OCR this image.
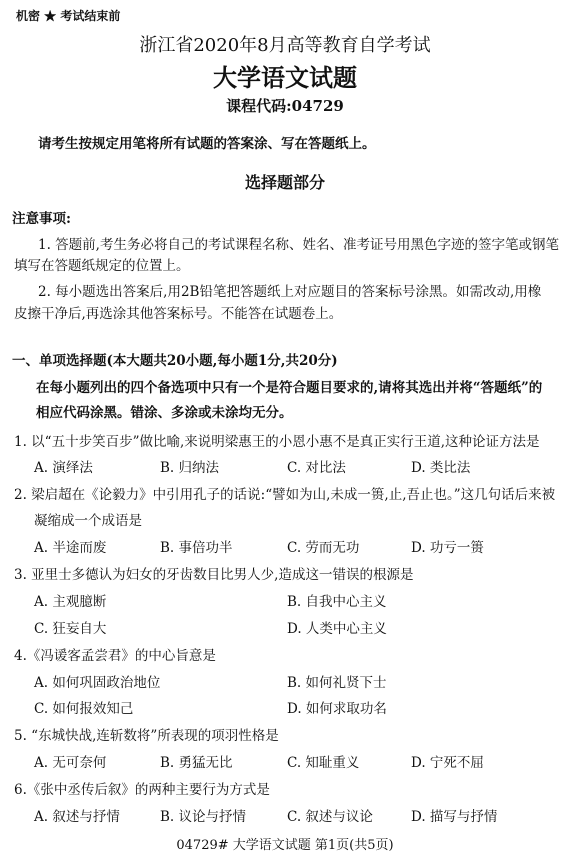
机密 ★ 考试结束前
浙江省2020年8月高等教育自学考试
大学语文试题
课程代码:04729
请考生按规定用笔将所有试题的答案涂、写在答题纸上。
选择题部分
注意事项:
1. 答题前,考生务必将自己的考试课程名称、姓名、准考证号用黑色字迹的签字笔或钢笔
填写在答题纸规定的位置上。
2. 每小题选出答案后,用2B铅笔把答题纸上对应题目的答案标号涂黑。如需改动,用橡
皮擦干净后,再选涂其他答案标号。不能答在试题卷上。
一、单项选择题(本大题共20小题,每小题1分,共20分)
在每小题列出的四个备选项中只有一个是符合题目要求的,请将其选出并将“答题纸”的
相应代码涂黑。错涂、多涂或未涂均无分。
1. 以“五十步笑百步”做比喻,来说明梁惠王的小恩小惠不是真正实行王道,这种论证方法是
A. 演绎法	B. 归纳法	C. 对比法	D. 类比法
2. 梁启超在《论毅力》中引用孔子的话说:“譬如为山,未成一篑,止,吾止也。”这几句话后来被
凝缩成一个成语是
A. 半途而废	B. 事倍功半	C. 劳而无功	D. 功亏一篑
3. 亚里士多德认为妇女的牙齿数目比男人少,造成这一错误的根源是
A. 主观臆断	B. 自我中心主义
C. 狂妄自大	D. 人类中心主义
4.《冯谖客孟尝君》的中心旨意是
A. 如何巩固政治地位	B. 如何礼贤下士
C. 如何报效知己	D. 如何求取功名
5. “东城快战,连斩数将”所表现的项羽性格是
A. 无可奈何	B. 勇猛无比	C. 知耻重义	D. 宁死不屈
6.《张中丞传后叙》的两种主要行为方式是
A. 叙述与抒情	B. 议论与抒情	C. 叙述与议论	D. 描写与抒情
04729# 大学语文试题 第1页(共5页)
